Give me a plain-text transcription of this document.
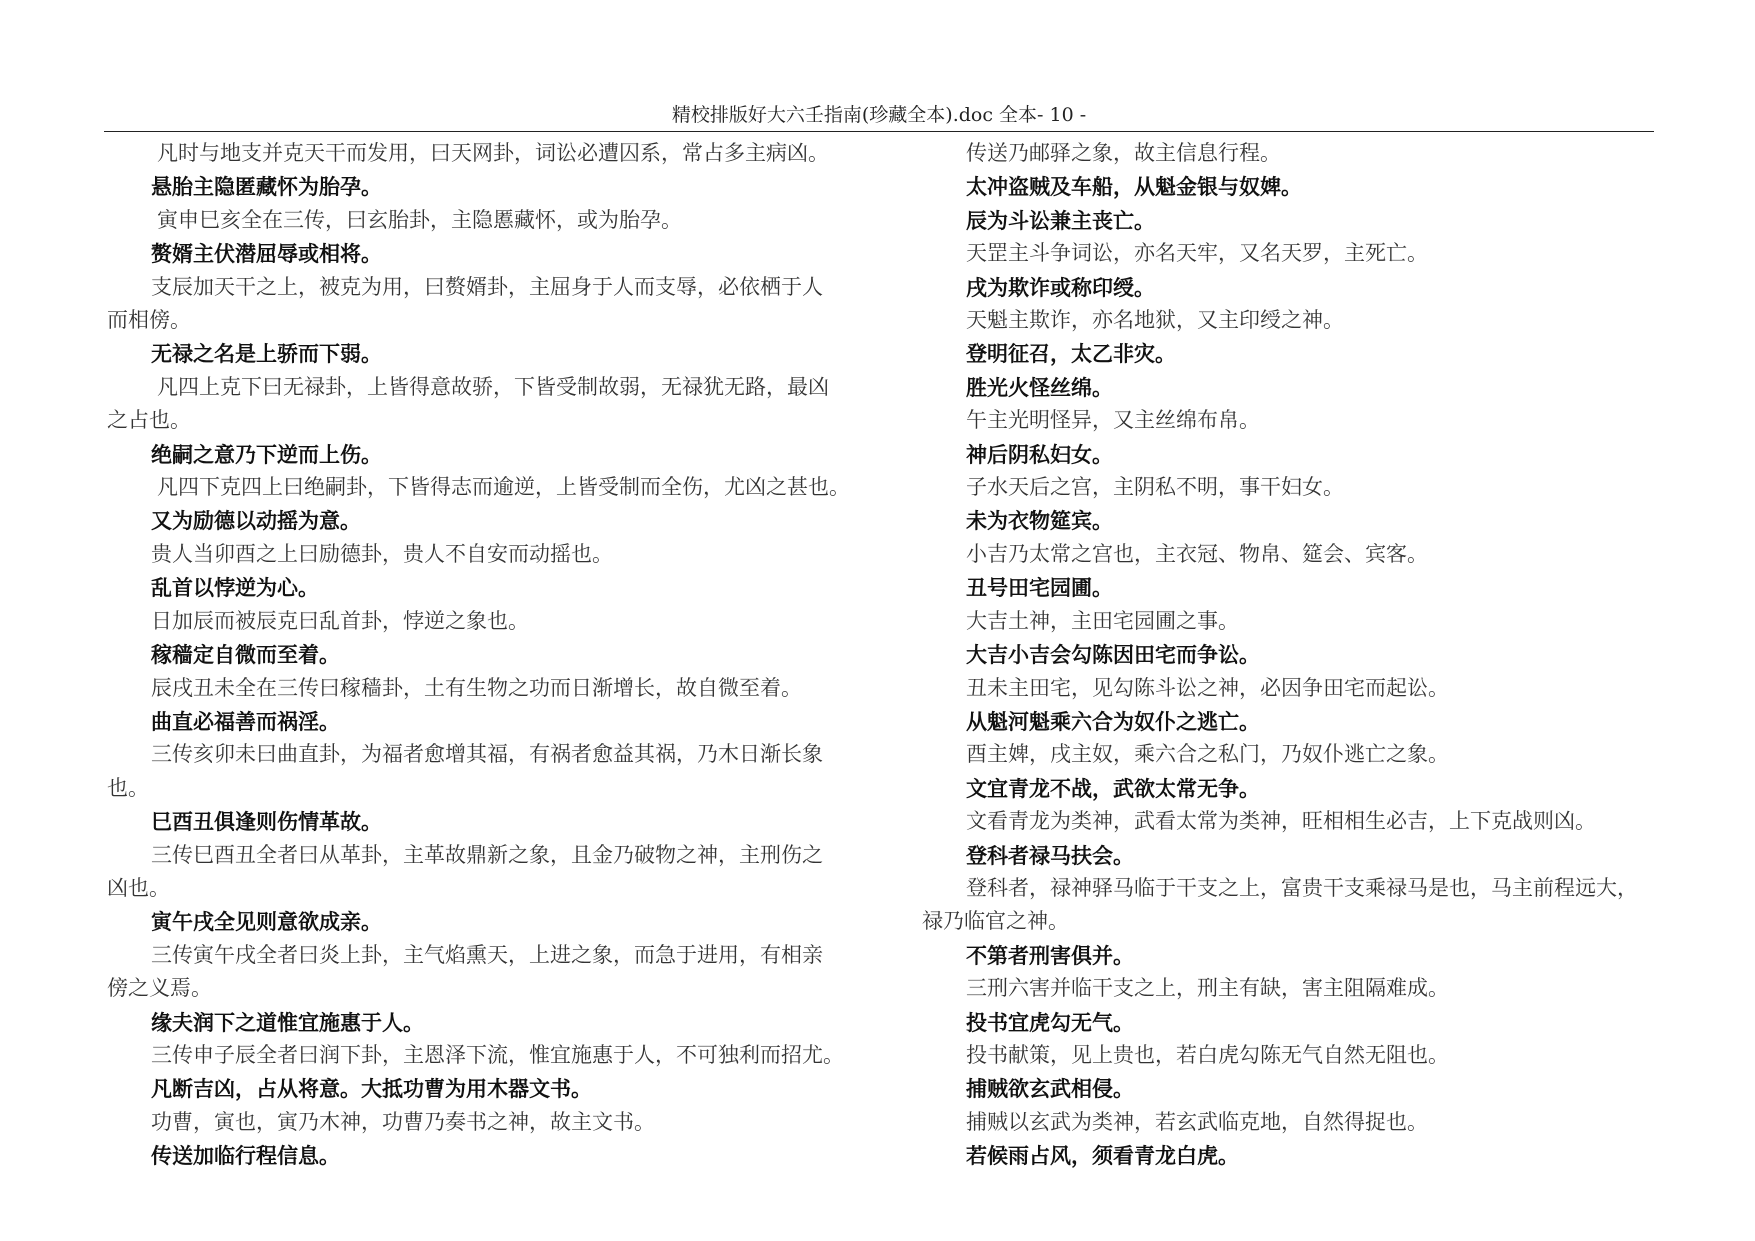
精校排版好大六壬指南(珍藏全本).doc 全本- 10 -
凡时与地支并克天干而发用，曰天网卦，词讼必遭囚系，常占多主病凶。
悬胎主隐匿藏怀为胎孕。
寅申巳亥全在三传，曰玄胎卦，主隐慝藏怀，或为胎孕。
赘婿主伏潜屈辱或相将。
支辰加天干之上，被克为用，曰赘婿卦，主屈身于人而支辱，必依栖于人
而相傍。
无禄之名是上骄而下弱。
凡四上克下曰无禄卦，上皆得意故骄，下皆受制故弱，无禄犹无路，最凶
之占也。
绝嗣之意乃下逆而上伤。
凡四下克四上曰绝嗣卦，下皆得志而逾逆，上皆受制而全伤，尤凶之甚也。
又为励德以动摇为意。
贵人当卯酉之上曰励德卦，贵人不自安而动摇也。
乱首以悖逆为心。
日加辰而被辰克曰乱首卦，悖逆之象也。
稼穑定自微而至着。
辰戌丑未全在三传曰稼穑卦，土有生物之功而日渐增长，故自微至着。
曲直必福善而祸淫。
三传亥卯未曰曲直卦，为福者愈增其福，有祸者愈益其祸，乃木日渐长象
也。
巳酉丑俱逢则伤情革故。
三传巳酉丑全者曰从革卦，主革故鼎新之象，且金乃破物之神，主刑伤之
凶也。
寅午戌全见则意欲成亲。
三传寅午戌全者曰炎上卦，主气焰熏天，上进之象，而急于进用，有相亲
傍之义焉。
缘夫润下之道惟宜施惠于人。
三传申子辰全者曰润下卦，主恩泽下流，惟宜施惠于人，不可独利而招尤。
凡断吉凶，占从将意。大抵功曹为用木器文书。
功曹，寅也，寅乃木神，功曹乃奏书之神，故主文书。
传送加临行程信息。
传送乃邮驿之象，故主信息行程。
太冲盗贼及车船，从魁金银与奴婢。
辰为斗讼兼主丧亡。
天罡主斗争词讼，亦名天牢，又名天罗，主死亡。
戌为欺诈或称印绶。
天魁主欺诈，亦名地狱，又主印绶之神。
登明征召，太乙非灾。
胜光火怪丝绵。
午主光明怪异，又主丝绵布帛。
神后阴私妇女。
子水天后之宫，主阴私不明，事干妇女。
未为衣物筵宾。
小吉乃太常之宫也，主衣冠、物帛、筵会、宾客。
丑号田宅园圃。
大吉土神，主田宅园圃之事。
大吉小吉会勾陈因田宅而争讼。
丑未主田宅，见勾陈斗讼之神，必因争田宅而起讼。
从魁河魁乘六合为奴仆之逃亡。
酉主婢，戌主奴，乘六合之私门，乃奴仆逃亡之象。
文宜青龙不战，武欲太常无争。
文看青龙为类神，武看太常为类神，旺相相生必吉，上下克战则凶。
登科者禄马扶会。
登科者，禄神驿马临于干支之上，富贵干支乘禄马是也，马主前程远大，
禄乃临官之神。
不第者刑害俱并。
三刑六害并临干支之上，刑主有缺，害主阻隔难成。
投书宜虎勾无气。
投书献策，见上贵也，若白虎勾陈无气自然无阻也。
捕贼欲玄武相侵。
捕贼以玄武为类神，若玄武临克地，自然得捉也。
若候雨占风，须看青龙白虎。
